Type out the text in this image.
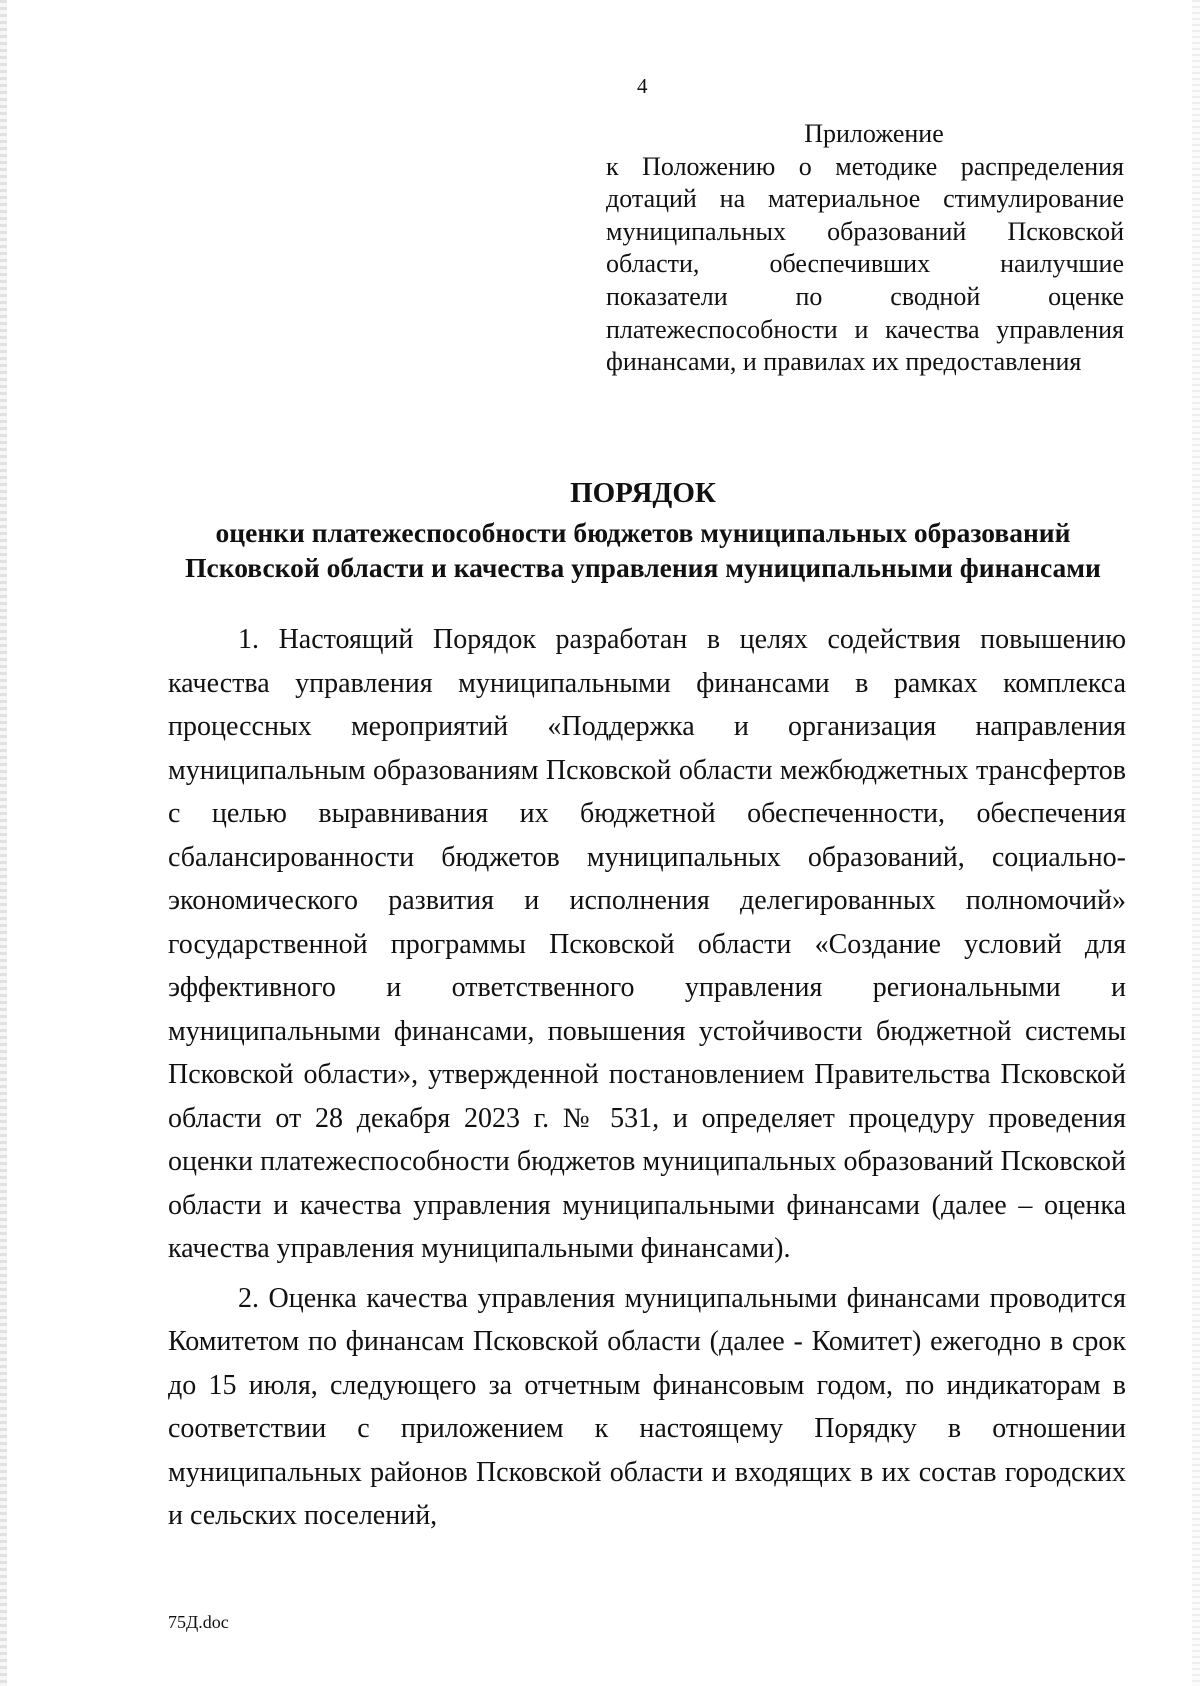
4
Приложение
к Положению о методике распределения дотаций на материальное стимулирование муниципальных образований Псковской области, обеспечивших наилучшие показатели по сводной оценке платежеспособности и качества управления финансами, и правилах их предоставления
ПОРЯДОК
оценки платежеспособности бюджетов муниципальных образований
Псковской области и качества управления муниципальными финансами

1. Настоящий Порядок разработан в целях содействия повышению качества управления муниципальными финансами в рамках комплекса процессных мероприятий «Поддержка и организация направления муниципальным образованиям Псковской области межбюджетных трансфертов с целью выравнивания их бюджетной обеспеченности, обеспечения сбалансированности бюджетов муниципальных образований, социально-экономического развития и исполнения делегированных полномочий» государственной программы Псковской области «Создание условий для эффективного и ответственного управления региональными и муниципальными финансами, повышения устойчивости бюджетной системы Псковской области», утвержденной постановлением Правительства Псковской области от 28 декабря 2023 г. № 531, и определяет процедуру проведения оценки платежеспособности бюджетов муниципальных образований Псковской области и качества управления муниципальными финансами (далее – оценка качества управления муниципальными финансами).

2. Оценка качества управления муниципальными финансами проводится Комитетом по финансам Псковской области (далее - Комитет) ежегодно в срок до 15 июля, следующего за отчетным финансовым годом, по индикаторам в соответствии с приложением к настоящему Порядку в отношении муниципальных районов Псковской области и входящих в их состав городских и сельских поселений,

75Д.doc
